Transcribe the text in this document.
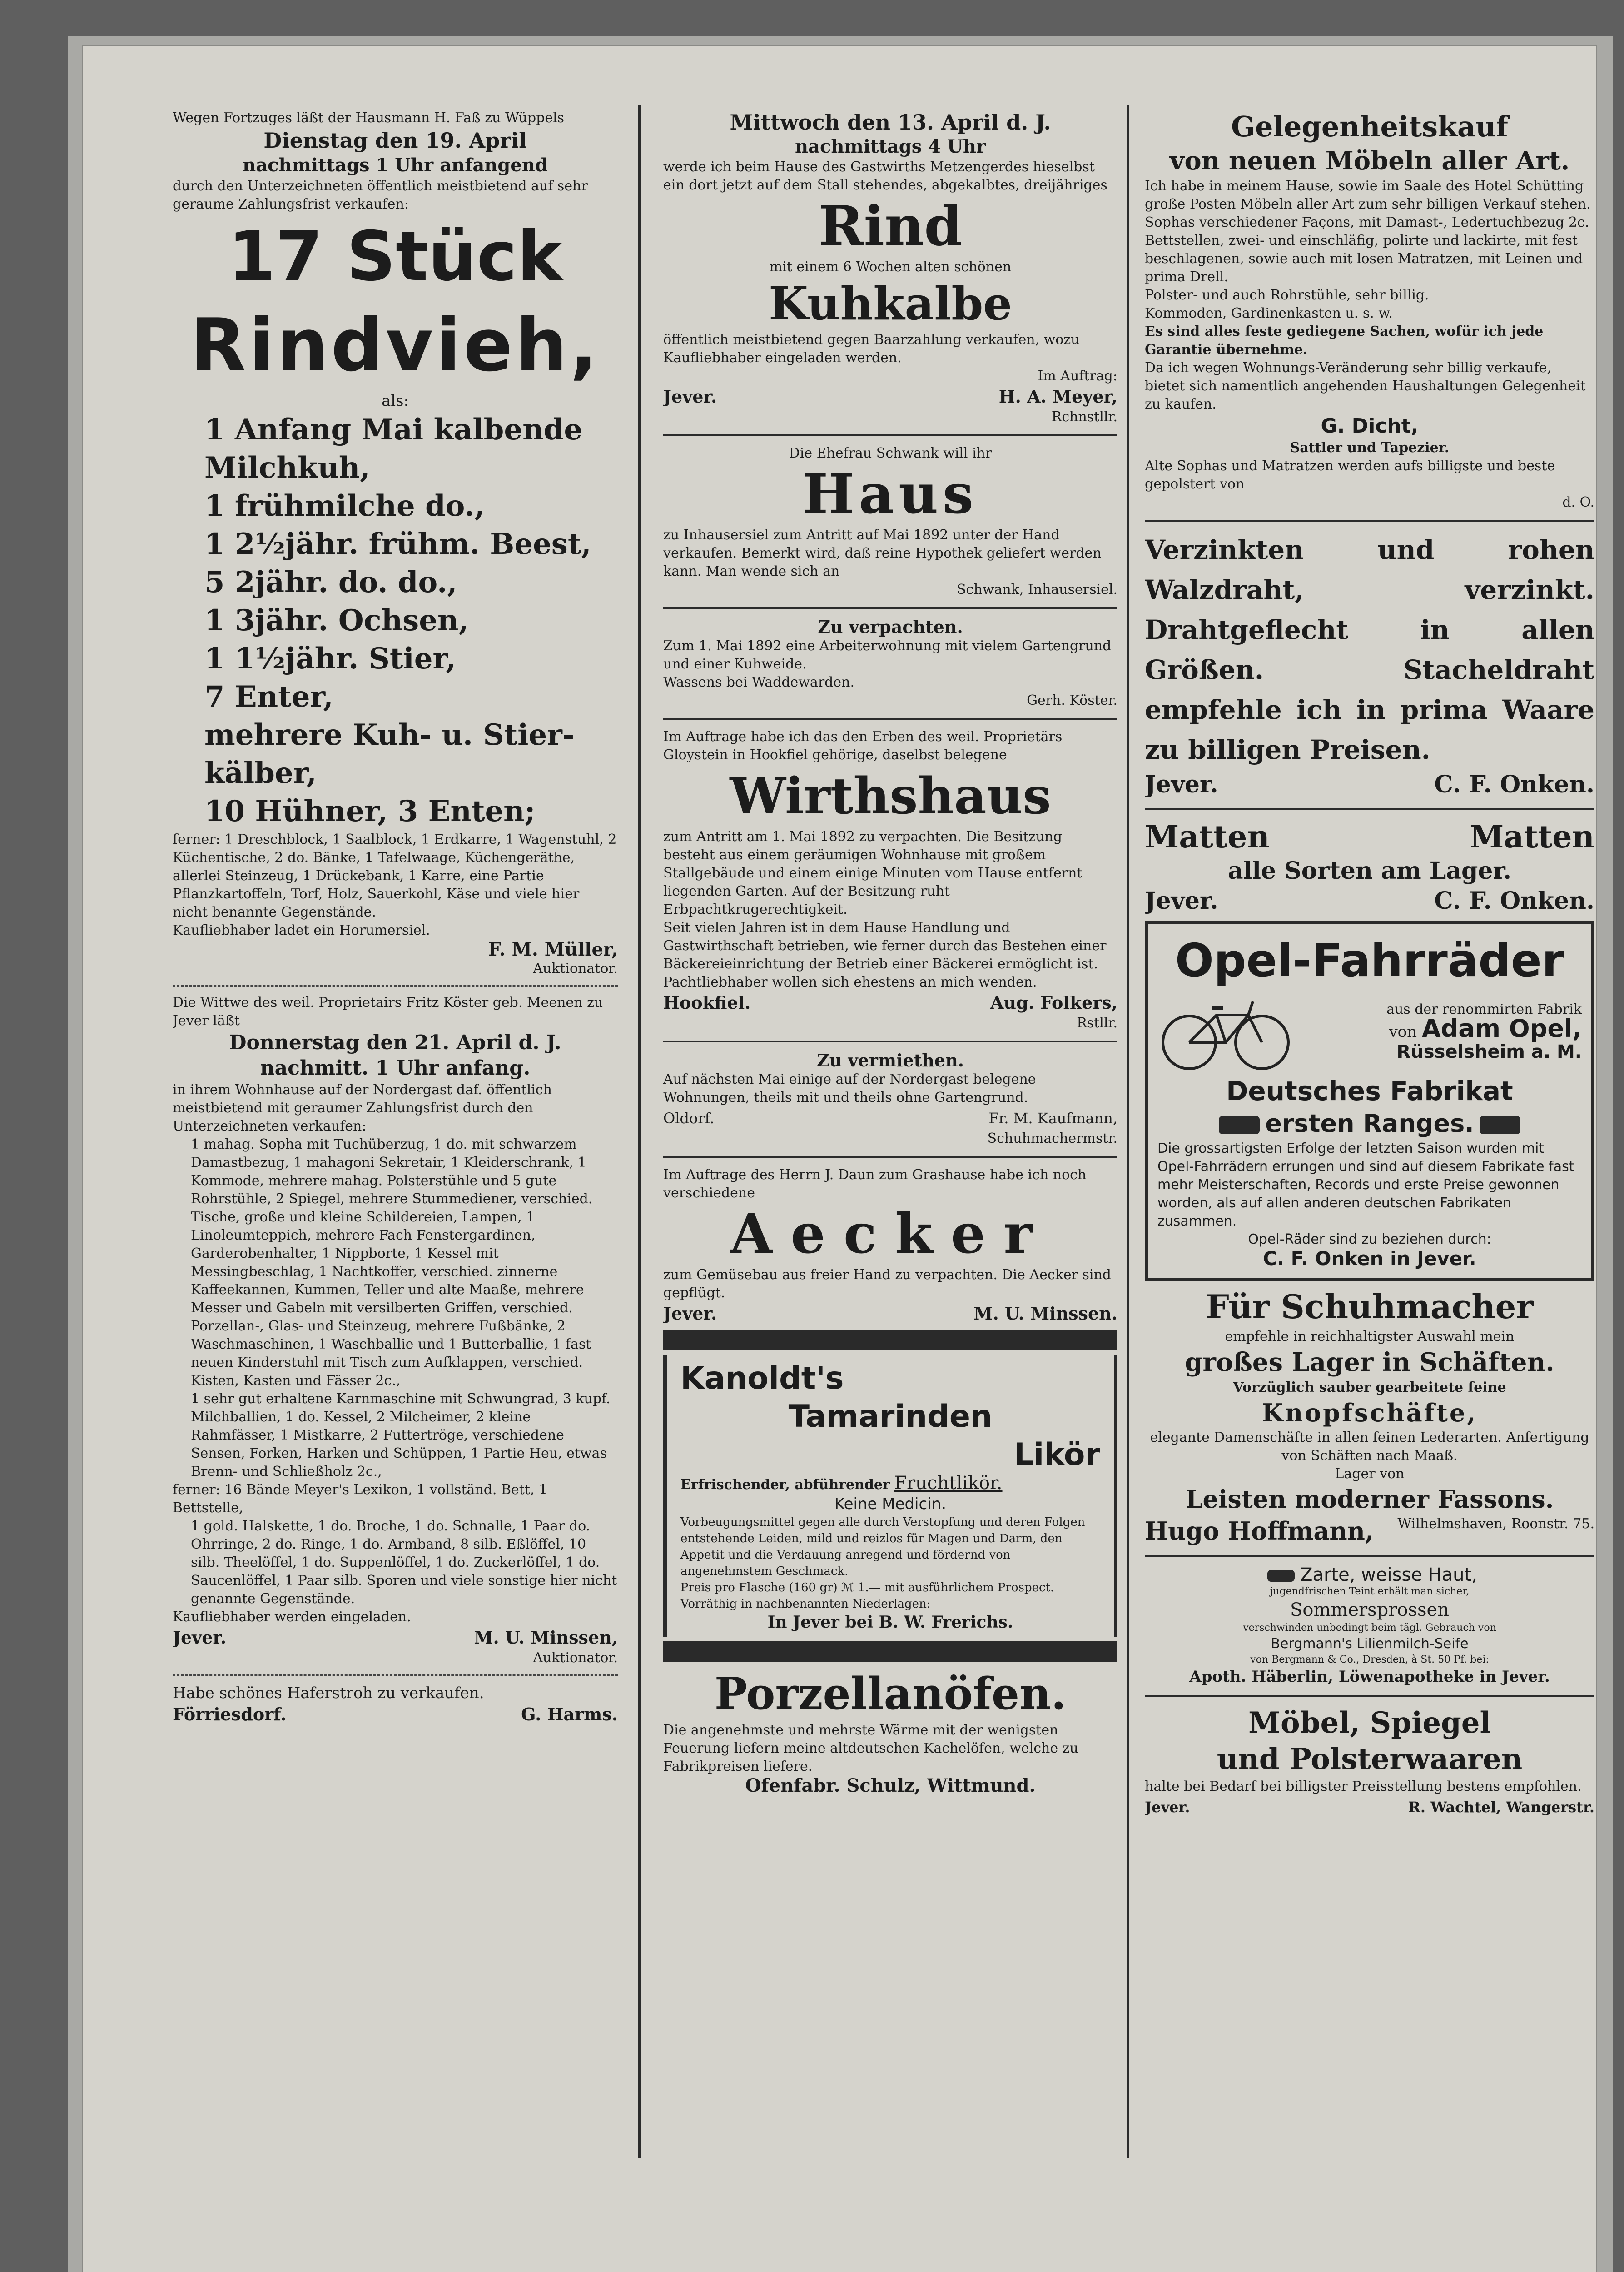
Wegen Fortzuges läßt der Hausmann H. Faß zu Wüppels

Dienstag den 19. April

nachmittags 1 Uhr anfangend

durch den Unterzeichneten öffentlich meistbietend auf sehr geraume Zahlungsfrist verkaufen:

17 Stück

Rindvieh,

als:

1 Anfang Mai kalbende Milchkuh,

1 frühmilche do.,

1 2½jähr. frühm. Beest,

5 2jähr. do. do.,

1 3jähr. Ochsen,

1 1½jähr. Stier,

7 Enter,

mehrere Kuh- u. Stier-kälber,

10 Hühner, 3 Enten;

ferner: 1 Dreschblock, 1 Saalblock, 1 Erdkarre, 1 Wagenstuhl, 2 Küchentische, 2 do. Bänke, 1 Tafelwaage, Küchengeräthe, allerlei Steinzeug, 1 Drückebank, 1 Karre, eine Partie Pflanzkartoffeln, Torf, Holz, Sauerkohl, Käse und viele hier nicht benannte Gegenstände.

Kaufliebhaber ladet ein Horumersiel.

F. M. Müller,

Auktionator.

Die Wittwe des weil. Proprietairs Fritz Köster geb. Meenen zu Jever läßt

Donnerstag den 21. April d. J.

nachmitt. 1 Uhr anfang.

in ihrem Wohnhause auf der Nordergast daf. öffentlich meistbietend mit geraumer Zahlungsfrist durch den Unterzeichneten verkaufen:

1 mahag. Sopha mit Tuchüberzug, 1 do. mit schwarzem Damastbezug, 1 mahagoni Sekretair, 1 Kleiderschrank, 1 Kommode, mehrere mahag. Polsterstühle und 5 gute Rohrstühle, 2 Spiegel, mehrere Stummediener, verschied. Tische, große und kleine Schildereien, Lampen, 1 Linoleumteppich, mehrere Fach Fenstergardinen, Garderobenhalter, 1 Nippborte, 1 Kessel mit Messingbeschlag, 1 Nachtkoffer, verschied. zinnerne Kaffeekannen, Kummen, Teller und alte Maaße, mehrere Messer und Gabeln mit versilberten Griffen, verschied. Porzellan-, Glas- und Steinzeug, mehrere Fußbänke, 2 Waschmaschinen, 1 Waschballie und 1 Butterballie, 1 fast neuen Kinderstuhl mit Tisch zum Aufklappen, verschied. Kisten, Kasten und Fässer 2c.,

1 sehr gut erhaltene Karnmaschine mit Schwungrad, 3 kupf. Milchballien, 1 do. Kessel, 2 Milcheimer, 2 kleine Rahmfässer, 1 Mistkarre, 2 Futtertröge, verschiedene Sensen, Forken, Harken und Schüppen, 1 Partie Heu, etwas Brenn- und Schließholz 2c.,

ferner: 16 Bände Meyer's Lexikon, 1 vollständ. Bett, 1 Bettstelle,

1 gold. Halskette, 1 do. Broche, 1 do. Schnalle, 1 Paar do. Ohrringe, 2 do. Ringe, 1 do. Armband, 8 silb. Eßlöffel, 10 silb. Theelöffel, 1 do. Suppenlöffel, 1 do. Zuckerlöffel, 1 do. Saucenlöffel, 1 Paar silb. Sporen und viele sonstige hier nicht genannte Gegenstände.

Kaufliebhaber werden eingeladen.

Jever.	M. U. Minssen,

Auktionator.

Habe schönes Haferstroh zu verkaufen.

Förriesdorf.	G. Harms.

Mittwoch den 13. April d. J.

nachmittags 4 Uhr

werde ich beim Hause des Gastwirths Metzengerdes hieselbst ein dort jetzt auf dem Stall stehendes, abgekalbtes, dreijähriges

Rind

mit einem 6 Wochen alten schönen

Kuhkalbe

öffentlich meistbietend gegen Baarzahlung verkaufen, wozu Kaufliebhaber eingeladen werden.

Im Auftrag:

Jever.	H. A. Meyer,

Rchnstllr.

Die Ehefrau Schwank will ihr

Haus

zu Inhausersiel zum Antritt auf Mai 1892 unter der Hand verkaufen. Bemerkt wird, daß reine Hypothek geliefert werden kann. Man wende sich an

Schwank, Inhausersiel.

Zu verpachten.

Zum 1. Mai 1892 eine Arbeiterwohnung mit vielem Gartengrund und einer Kuhweide.

Wassens bei Waddewarden.

Gerh. Köster.

Im Auftrage habe ich das den Erben des weil. Proprietärs Gloystein in Hookfiel gehörige, daselbst belegene

Wirthshaus

zum Antritt am 1. Mai 1892 zu verpachten. Die Besitzung besteht aus einem geräumigen Wohnhause mit großem Stallgebäude und einem einige Minuten vom Hause entfernt liegenden Garten. Auf der Besitzung ruht Erbpachtkrugerechtigkeit.

Seit vielen Jahren ist in dem Hause Handlung und Gastwirthschaft betrieben, wie ferner durch das Bestehen einer Bäckereieinrichtung der Betrieb einer Bäckerei ermöglicht ist.

Pachtliebhaber wollen sich ehestens an mich wenden.

Hookfiel.	Aug. Folkers,

Rstllr.

Zu vermiethen.

Auf nächsten Mai einige auf der Nordergast belegene Wohnungen, theils mit und theils ohne Gartengrund.

Oldorf.	Fr. M. Kaufmann,

Schuhmachermstr.

Im Auftrage des Herrn J. Daun zum Grashause habe ich noch verschiedene

Aecker

zum Gemüsebau aus freier Hand zu verpachten. Die Aecker sind gepflügt.

Jever.	M. U. Minssen.

Kanoldt's

Tamarinden

Likör

Erfrischender, abführender Fruchtlikör.

Keine Medicin.

Vorbeugungsmittel gegen alle durch Verstopfung und deren Folgen entstehende Leiden, mild und reizlos für Magen und Darm, den Appetit und die Verdauung anregend und fördernd von angenehmstem Geschmack.

Preis pro Flasche (160 gr) ℳ 1.— mit ausführlichem Prospect. Vorräthig in nachbenannten Niederlagen:

In Jever bei B. W. Frerichs.

Porzellanöfen.

Die angenehmste und mehrste Wärme mit der wenigsten Feuerung liefern meine altdeutschen Kachelöfen, welche zu Fabrikpreisen liefere.

Ofenfabr. Schulz, Wittmund.

Gelegenheitskauf

von neuen Möbeln aller Art.

Ich habe in meinem Hause, sowie im Saale des Hotel Schütting große Posten Möbeln aller Art zum sehr billigen Verkauf stehen.

Sophas verschiedener Façons, mit Damast-, Ledertuchbezug 2c.

Bettstellen, zwei- und einschläfig, polirte und lackirte, mit fest beschlagenen, sowie auch mit losen Matratzen, mit Leinen und prima Drell.

Polster- und auch Rohrstühle, sehr billig.

Kommoden, Gardinenkasten u. s. w.

Es sind alles feste gediegene Sachen, wofür ich jede Garantie übernehme.

Da ich wegen Wohnungs-Veränderung sehr billig verkaufe, bietet sich namentlich angehenden Haushaltungen Gelegenheit zu kaufen.

G. Dicht,

Sattler und Tapezier.

Alte Sophas und Matratzen werden aufs billigste und beste gepolstert von

d. O.

Verzinkten und rohen Walzdraht, verzinkt. Drahtgeflecht in allen Größen. Stacheldraht empfehle ich in prima Waare zu billigen Preisen.

Jever.	C. F. Onken.
Matten	Matten

alle Sorten am Lager.

Jever.	C. F. Onken.

Opel-Fahrräder

aus der renommirten Fabrik

von Adam Opel,

Rüsselsheim a. M.

Deutsches Fabrikat

ersten Ranges.

Die grossartigsten Erfolge der letzten Saison wurden mit Opel-Fahrrädern errungen und sind auf diesem Fabrikate fast mehr Meisterschaften, Records und erste Preise gewonnen worden, als auf allen anderen deutschen Fabrikaten zusammen.

Opel-Räder sind zu beziehen durch:

C. F. Onken in Jever.

Für Schuhmacher

empfehle in reichhaltigster Auswahl mein

großes Lager in Schäften.

Vorzüglich sauber gearbeitete feine

Knopfschäfte,

elegante Damenschäfte in allen feinen Lederarten. Anfertigung von Schäften nach Maaß.

Lager von

Leisten moderner Fassons.

Hugo Hoffmann, Wilhelmshaven, Roonstr. 75.

Zarte, weisse Haut,

jugendfrischen Teint erhält man sicher,

Sommersprossen

verschwinden unbedingt beim tägl. Gebrauch von

Bergmann's Lilienmilch-Seife

von Bergmann & Co., Dresden, à St. 50 Pf. bei:

Apoth. Häberlin, Löwenapotheke in Jever.

Möbel, Spiegel

und Polsterwaaren

halte bei Bedarf bei billigster Preisstellung bestens empfohlen.

Jever.	R. Wachtel, Wangerstr.
